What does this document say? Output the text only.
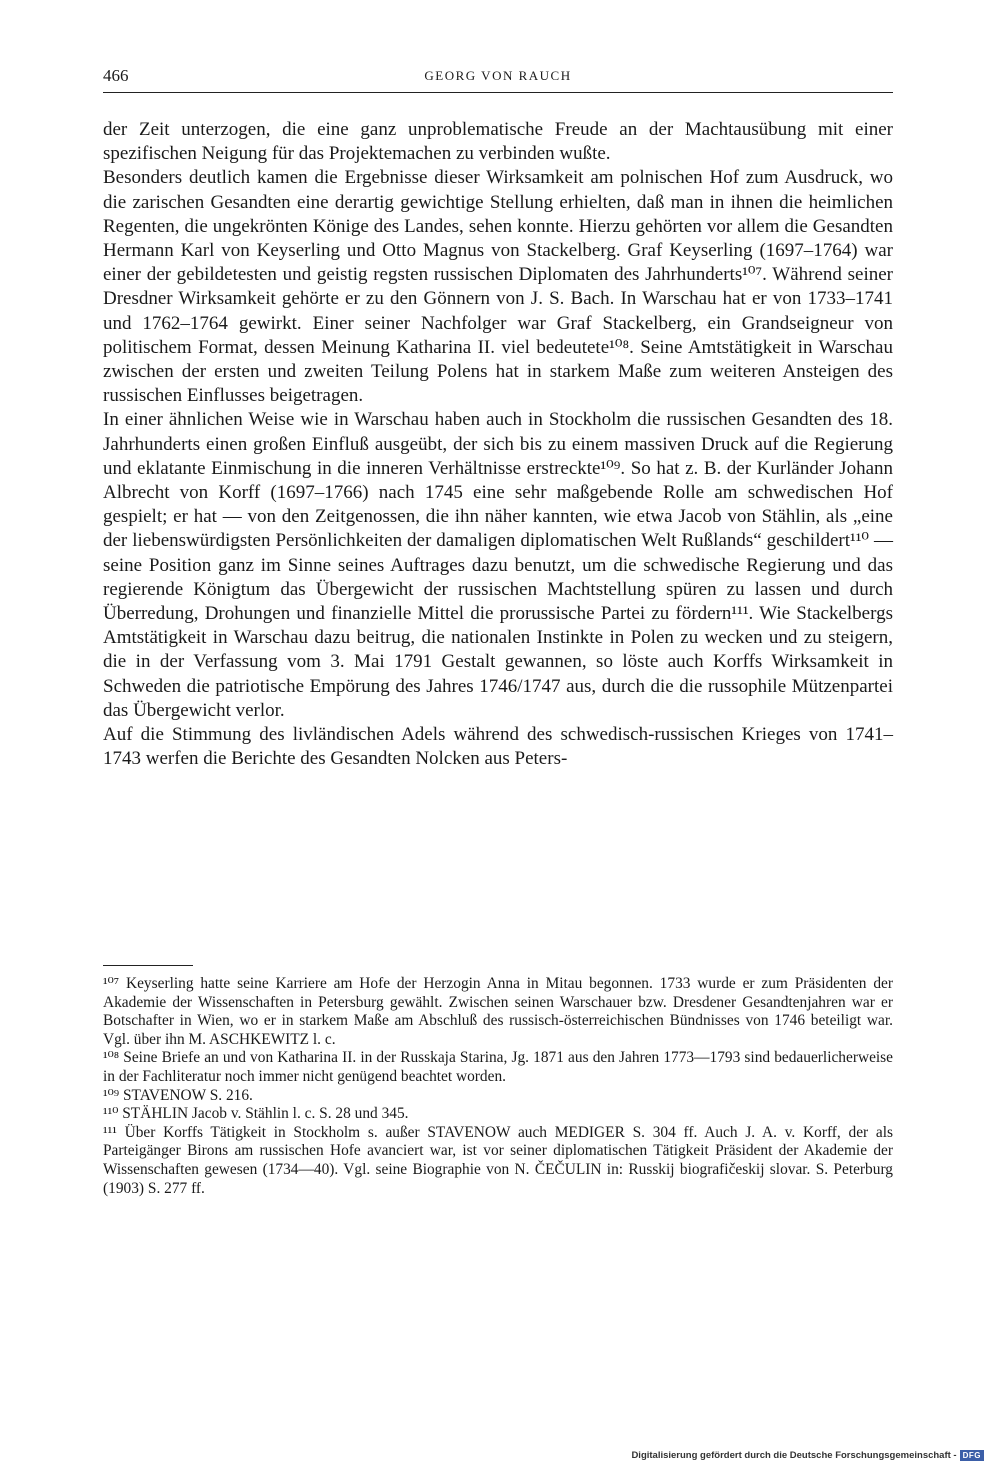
466	GEORG VON RAUCH

der Zeit unterzogen, die eine ganz unproblematische Freude an der Machtausübung mit einer spezifischen Neigung für das Projektemachen zu verbinden wußte.

Besonders deutlich kamen die Ergebnisse dieser Wirksamkeit am polnischen Hof zum Ausdruck, wo die zarischen Gesandten eine derartig gewichtige Stellung erhielten, daß man in ihnen die heimlichen Regenten, die ungekrönten Könige des Landes, sehen konnte. Hierzu gehörten vor allem die Gesandten Hermann Karl von Keyserling und Otto Magnus von Stackelberg. Graf Keyserling (1697–1764) war einer der gebildetesten und geistig regsten russischen Diplomaten des Jahrhunderts¹⁰⁷. Während seiner Dresdner Wirksamkeit gehörte er zu den Gönnern von J. S. Bach. In Warschau hat er von 1733–1741 und 1762–1764 gewirkt. Einer seiner Nachfolger war Graf Stackelberg, ein Grandseigneur von politischem Format, dessen Meinung Katharina II. viel bedeutete¹⁰⁸. Seine Amtstätigkeit in Warschau zwischen der ersten und zweiten Teilung Polens hat in starkem Maße zum weiteren Ansteigen des russischen Einflusses beigetragen.

In einer ähnlichen Weise wie in Warschau haben auch in Stockholm die russischen Gesandten des 18. Jahrhunderts einen großen Einfluß ausgeübt, der sich bis zu einem massiven Druck auf die Regierung und eklatante Einmischung in die inneren Verhältnisse erstreckte¹⁰⁹. So hat z. B. der Kurländer Johann Albrecht von Korff (1697–1766) nach 1745 eine sehr maßgebende Rolle am schwedischen Hof gespielt; er hat — von den Zeitgenossen, die ihn näher kannten, wie etwa Jacob von Stählin, als „eine der liebenswürdigsten Persönlichkeiten der damaligen diplomatischen Welt Rußlands“ geschildert¹¹⁰ — seine Position ganz im Sinne seines Auftrages dazu benutzt, um die schwedische Regierung und das regierende Königtum das Übergewicht der russischen Machtstellung spüren zu lassen und durch Überredung, Drohungen und finanzielle Mittel die prorussische Partei zu fördern¹¹¹. Wie Stackelbergs Amtstätigkeit in Warschau dazu beitrug, die nationalen Instinkte in Polen zu wecken und zu steigern, die in der Verfassung vom 3. Mai 1791 Gestalt gewannen, so löste auch Korffs Wirksamkeit in Schweden die patriotische Empörung des Jahres 1746/1747 aus, durch die die russophile Mützenpartei das Übergewicht verlor.

Auf die Stimmung des livländischen Adels während des schwedisch-russischen Krieges von 1741–1743 werfen die Berichte des Gesandten Nolcken aus Peters-

¹⁰⁷ Keyserling hatte seine Karriere am Hofe der Herzogin Anna in Mitau begonnen. 1733 wurde er zum Präsidenten der Akademie der Wissenschaften in Petersburg gewählt. Zwischen seinen Warschauer bzw. Dresdener Gesandtenjahren war er Botschafter in Wien, wo er in starkem Maße am Abschluß des russisch-österreichischen Bündnisses von 1746 beteiligt war. Vgl. über ihn M. ASCHKEWITZ l. c.

¹⁰⁸ Seine Briefe an und von Katharina II. in der Russkaja Starina, Jg. 1871 aus den Jahren 1773—1793 sind bedauerlicherweise in der Fachliteratur noch immer nicht genügend beachtet worden.

¹⁰⁹ STAVENOW S. 216.

¹¹⁰ STÄHLIN Jacob v. Stählin l. c. S. 28 und 345.

¹¹¹ Über Korffs Tätigkeit in Stockholm s. außer STAVENOW auch MEDIGER S. 304 ff. Auch J. A. v. Korff, der als Parteigänger Birons am russischen Hofe avanciert war, ist vor seiner diplomatischen Tätigkeit Präsident der Akademie der Wissenschaften gewesen (1734—40). Vgl. seine Biographie von N. ČEČULIN in: Russkij biografičeskij slovar. S. Peterburg (1903) S. 277 ff.

Digitalisierung gefördert durch die Deutsche Forschungsgemeinschaft - DFG
